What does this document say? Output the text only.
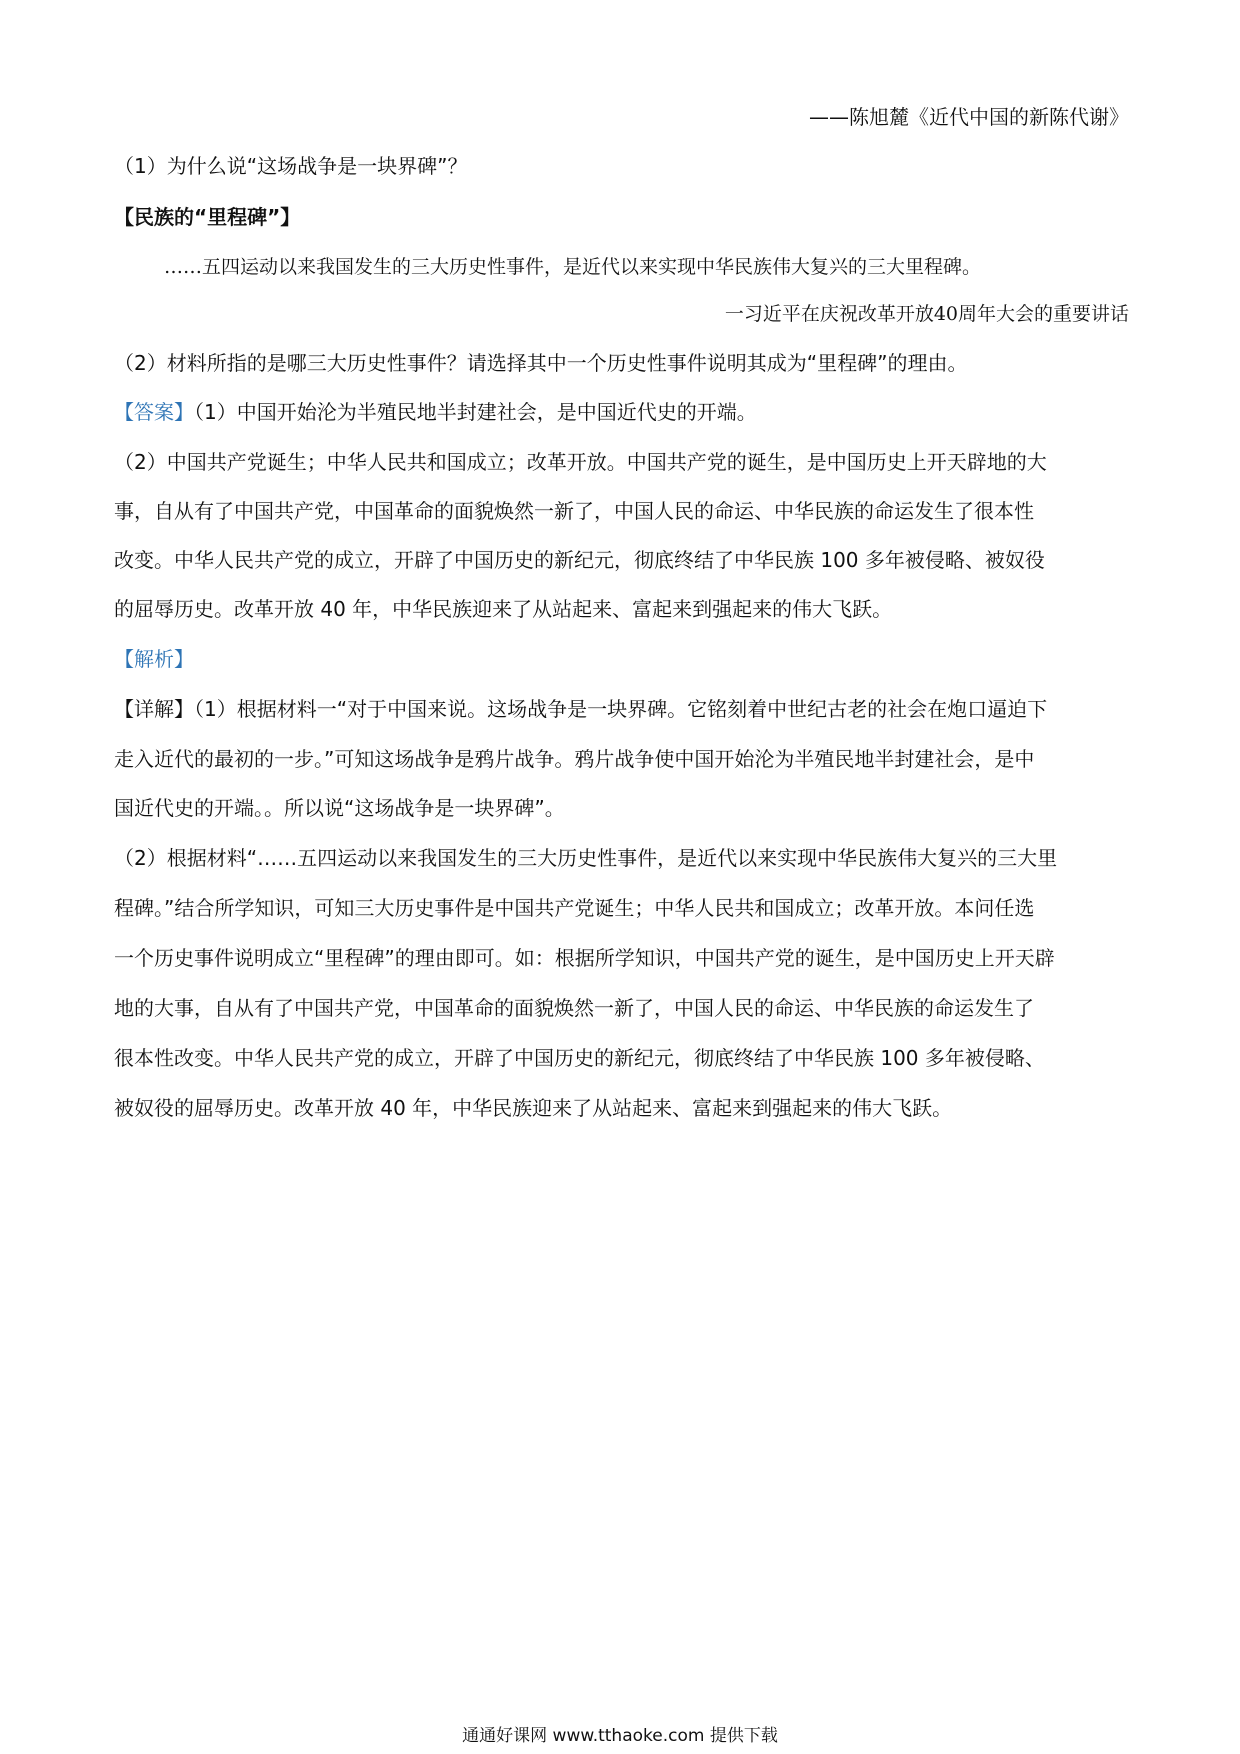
——陈旭麓《近代中国的新陈代谢》
（1）为什么说“这场战争是一块界碑”？
【民族的“里程碑”】
……五四运动以来我国发生的三大历史性事件，是近代以来实现中华民族伟大复兴的三大里程碑。
一习近平在庆祝改革开放40周年大会的重要讲话
（2）材料所指的是哪三大历史性事件？请选择其中一个历史性事件说明其成为“里程碑”的理由。
【答案】（1）中国开始沦为半殖民地半封建社会，是中国近代史的开端。
（2）中国共产党诞生；中华人民共和国成立；改革开放。中国共产党的诞生，是中国历史上开天辟地的大
事，自从有了中国共产党，中国革命的面貌焕然一新了，中国人民的命运、中华民族的命运发生了很本性
改变。中华人民共产党的成立，开辟了中国历史的新纪元，彻底终结了中华民族 100 多年被侵略、被奴役
的屈辱历史。改革开放 40 年，中华民族迎来了从站起来、富起来到强起来的伟大飞跃。
【解析】
【详解】（1）根据材料一“对于中国来说。这场战争是一块界碑。它铭刻着中世纪古老的社会在炮口逼迫下
走入近代的最初的一步。”可知这场战争是鸦片战争。鸦片战争使中国开始沦为半殖民地半封建社会，是中
国近代史的开端。。所以说“这场战争是一块界碑”。
（2）根据材料“……五四运动以来我国发生的三大历史性事件，是近代以来实现中华民族伟大复兴的三大里
程碑。”结合所学知识，可知三大历史事件是中国共产党诞生；中华人民共和国成立；改革开放。本问任选
一个历史事件说明成立“里程碑”的理由即可。如：根据所学知识，中国共产党的诞生，是中国历史上开天辟
地的大事，自从有了中国共产党，中国革命的面貌焕然一新了，中国人民的命运、中华民族的命运发生了
很本性改变。中华人民共产党的成立，开辟了中国历史的新纪元，彻底终结了中华民族 100 多年被侵略、
被奴役的屈辱历史。改革开放 40 年，中华民族迎来了从站起来、富起来到强起来的伟大飞跃。
通通好课网 www.tthaoke.com 提供下载
